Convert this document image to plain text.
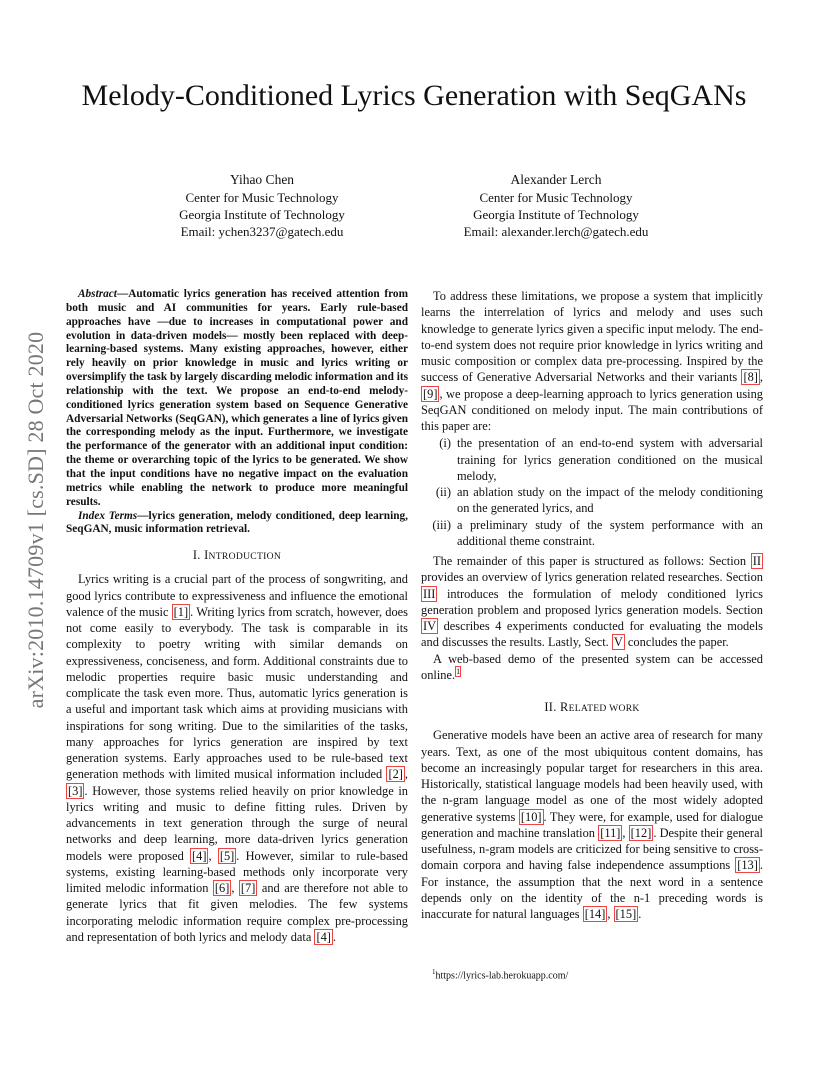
arXiv:2010.14709v1 [cs.SD] 28 Oct 2020
Melody-Conditioned Lyrics Generation with SeqGANs
Yihao Chen
Center for Music Technology
Georgia Institute of Technology
Email: ychen3237@gatech.edu
Alexander Lerch
Center for Music Technology
Georgia Institute of Technology
Email: alexander.lerch@gatech.edu

Abstract—Automatic lyrics generation has received attention from both music and AI communities for years. Early rule-based approaches have —due to increases in computational power and evolution in data-driven models— mostly been replaced with deep-learning-based systems. Many existing approaches, however, either rely heavily on prior knowledge in music and lyrics writing or oversimplify the task by largely discarding melodic information and its relationship with the text. We propose an end-to-end melody-conditioned lyrics generation system based on Sequence Generative Adversarial Networks (SeqGAN), which generates a line of lyrics given the corresponding melody as the input. Furthermore, we investigate the performance of the generator with an additional input condition: the theme or overarching topic of the lyrics to be generated. We show that the input conditions have no negative impact on the evaluation metrics while enabling the network to produce more meaningful results.

Index Terms—lyrics generation, melody conditioned, deep learning, SeqGAN, music information retrieval.

I. INTRODUCTION

Lyrics writing is a crucial part of the process of songwriting, and good lyrics contribute to expressiveness and influence the emotional valence of the music [1] . Writing lyrics from scratch, however, does not come easily to everybody. The task is comparable in its complexity to poetry writing with similar demands on expressiveness, conciseness, and form. Additional constraints due to melodic properties require basic music understanding and complicate the task even more. Thus, automatic lyrics generation is a useful and important task which aims at providing musicians with inspirations for song writing. Due to the similarities of the tasks, many approaches for lyrics generation are inspired by text generation systems. Early approaches used to be rule-based text generation methods with limited musical information included [2] , [3] . However, those systems relied heavily on prior knowledge in lyrics writing and music to define fitting rules. Driven by advancements in text generation through the surge of neural networks and deep learning, more data-driven lyrics generation models were proposed [4] , [5] . However, similar to rule-based systems, existing learning-based methods only incorporate very limited melodic information [6] , [7] and are therefore not able to generate lyrics that fit given melodies. The few systems incorporating melodic information require complex pre-processing and representation of both lyrics and melody data [4] .

To address these limitations, we propose a system that implicitly learns the interrelation of lyrics and melody and uses such knowledge to generate lyrics given a specific input melody. The end-to-end system does not require prior knowledge in lyrics writing and music composition or complex data pre-processing. Inspired by the success of Generative Adversarial Networks and their variants [8] , [9] , we propose a deep-learning approach to lyrics generation using SeqGAN conditioned on melody input. The main contributions of this paper are:

(i) the presentation of an end-to-end system with adversarial training for lyrics generation conditioned on the musical melody,
(ii) an ablation study on the impact of the melody conditioning on the generated lyrics, and
(iii) a preliminary study of the system performance with an additional theme constraint.

The remainder of this paper is structured as follows: Section II provides an overview of lyrics generation related researches. Section III introduces the formulation of melody conditioned lyrics generation problem and proposed lyrics generation models. Section IV describes 4 experiments conducted for evaluating the models and discusses the results. Lastly, Sect. V concludes the paper.

A web-based demo of the presented system can be accessed online.$^1$

II. RELATED WORK

Generative models have been an active area of research for many years. Text, as one of the most ubiquitous content domains, has become an increasingly popular target for researchers in this area. Historically, statistical language models had been heavily used, with the n-gram language model as one of the most widely adopted generative systems [10] . They were, for example, used for dialogue generation and machine translation [11] , [12] . Despite their general usefulness, n-gram models are criticized for being sensitive to cross-domain corpora and having false independence assumptions [13] . For instance, the assumption that the next word in a sentence depends only on the identity of the n-1 preceding words is inaccurate for natural languages [14] , [15] .

$^1$https://lyrics-lab.herokuapp.com/
